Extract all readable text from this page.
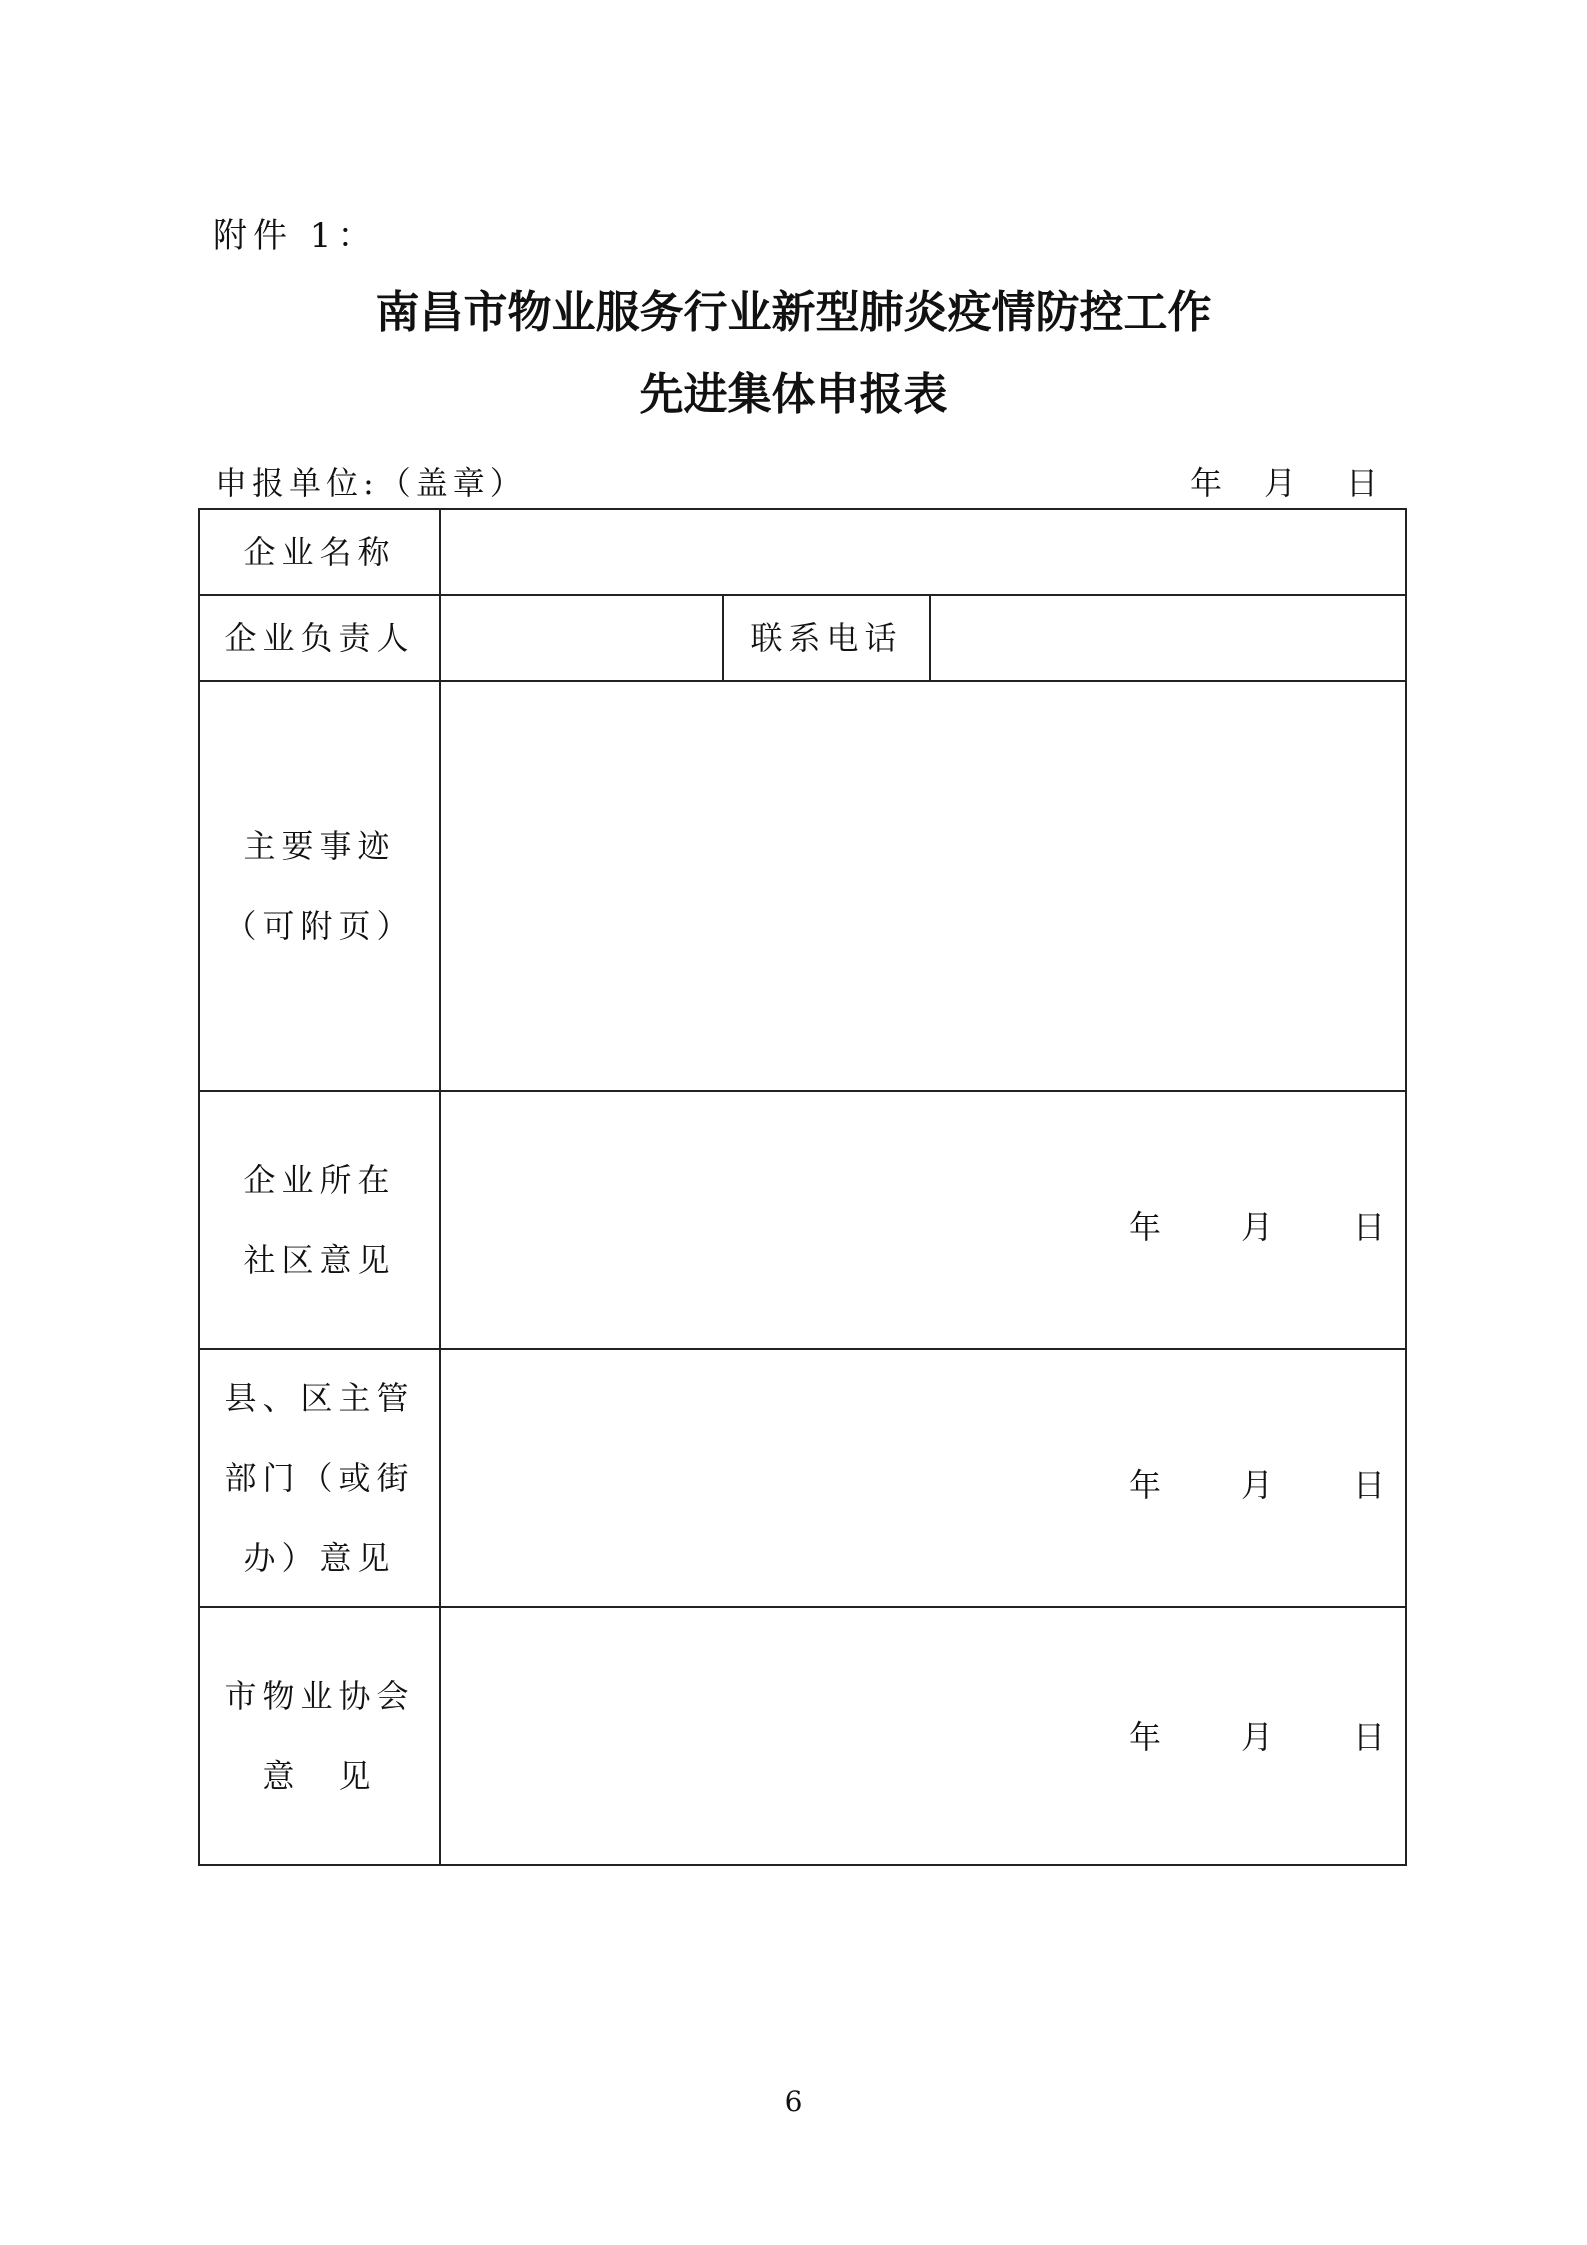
附件 1：
南昌市物业服务行业新型肺炎疫情防控工作
先进集体申报表
申报单位:（盖章）	年 月 日
企业名称			
企业负责人		联系电话	

主要事迹
（可附页）			

企业所在
社区意见	年 月 日		

县、区主管
部门（或街
办）意见	年 月 日		

市物业协会
意　见	年 月 日		
6
